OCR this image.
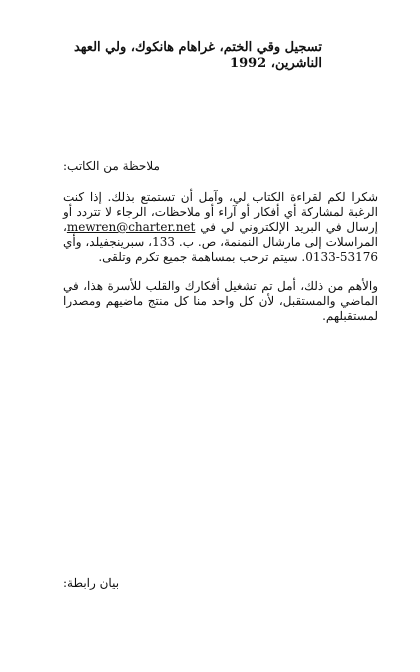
تسجيل وقي الختم، غراهام هانكوك، ولي العهد الناشرين، 1992
ملاحظة من الكاتب:
شكرا لكم لقراءة الكتاب لي، وآمل أن تستمتع بذلك. إذا كنت الرغبة لمشاركة أي أفكار أو آراء أو ملاحظات، الرجاء لا تتردد أو إرسال في البريد الإلكتروني لي في mewren@charter.net، المراسلات إلى مارشال النمنمة، ص. ب. 133، سبرينجفيلد، وأي 53176-0133. سيتم ترحب بمساهمة جميع تكرم وتلقى.
والأهم من ذلك، أمل تم تشغيل أفكارك والقلب للأسرة هذا، في الماضي والمستقبل، لأن كل واحد منا كل منتج ماضيهم ومصدرا لمستقبلهم.
بيان رابطة:
